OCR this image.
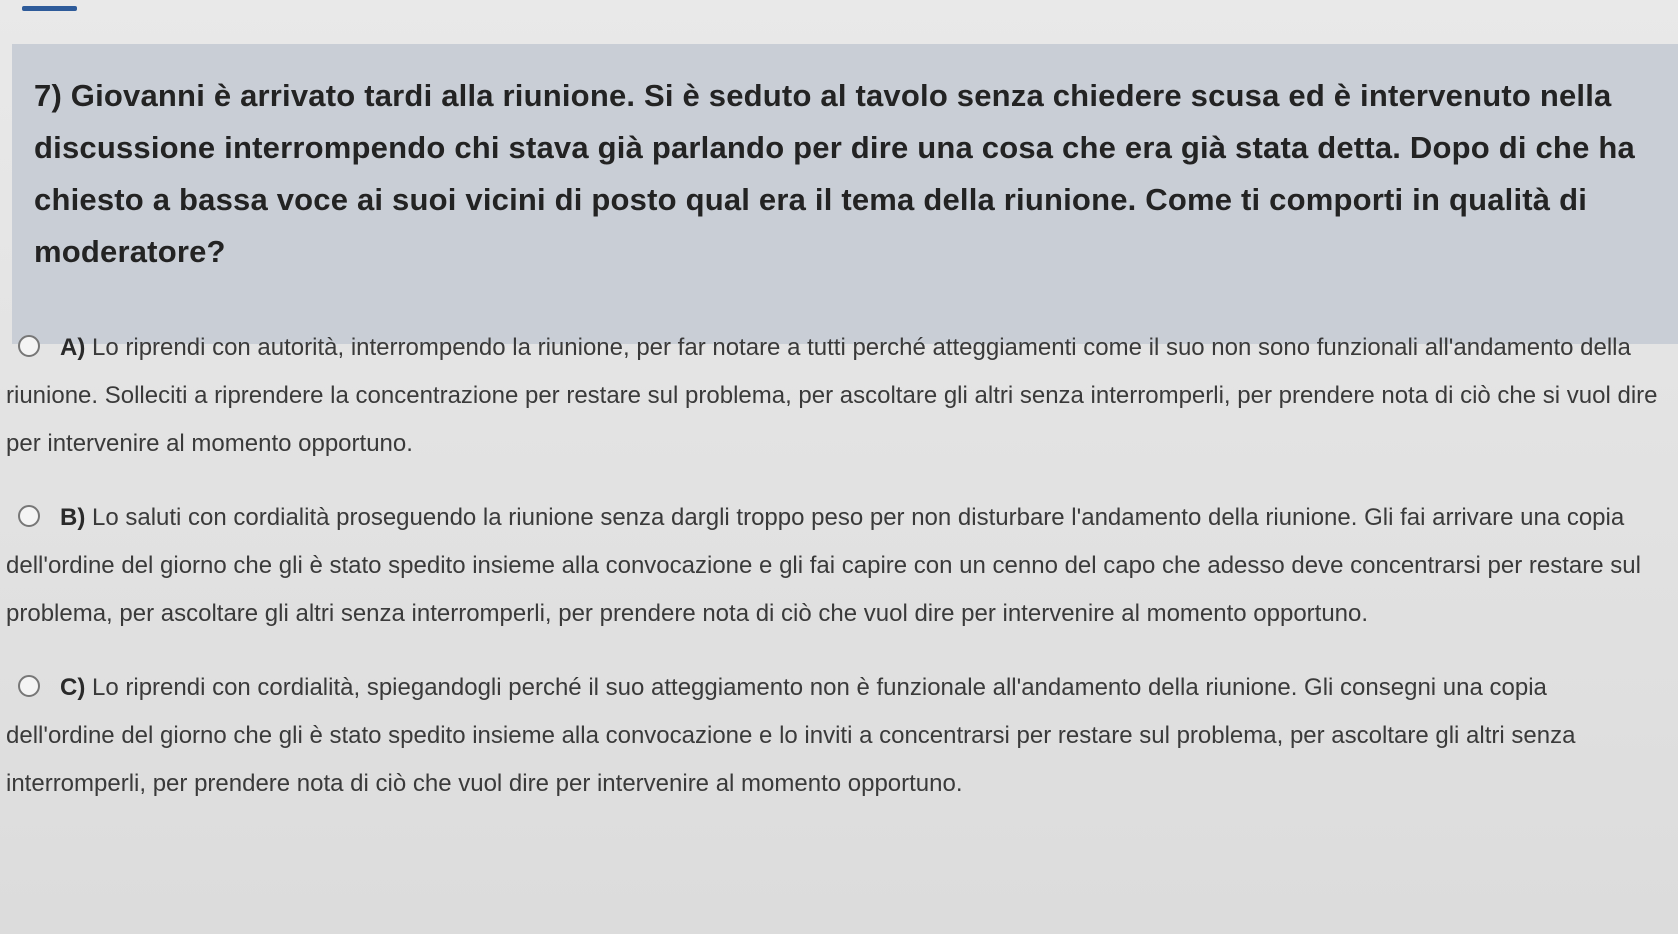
7) Giovanni è arrivato tardi alla riunione. Si è seduto al tavolo senza chiedere scusa ed è intervenuto nella discussione interrompendo chi stava già parlando per dire una cosa che era già stata detta. Dopo di che ha chiesto a bassa voce ai suoi vicini di posto qual era il tema della riunione. Come ti comporti in qualità di moderatore?

A) Lo riprendi con autorità, interrompendo la riunione, per far notare a tutti perché atteggiamenti come il suo non sono funzionali all'andamento della riunione. Solleciti a riprendere la concentrazione per restare sul problema, per ascoltare gli altri senza interromperli, per prendere nota di ciò che si vuol dire per intervenire al momento opportuno.
B) Lo saluti con cordialità proseguendo la riunione senza dargli troppo peso per non disturbare l'andamento della riunione. Gli fai arrivare una copia dell'ordine del giorno che gli è stato spedito insieme alla convocazione e gli fai capire con un cenno del capo che adesso deve concentrarsi per restare sul problema, per ascoltare gli altri senza interromperli, per prendere nota di ciò che vuol dire per intervenire al momento opportuno.
C) Lo riprendi con cordialità, spiegandogli perché il suo atteggiamento non è funzionale all'andamento della riunione. Gli consegni una copia dell'ordine del giorno che gli è stato spedito insieme alla convocazione e lo inviti a concentrarsi per restare sul problema, per ascoltare gli altri senza interromperli, per prendere nota di ciò che vuol dire per intervenire al momento opportuno.
